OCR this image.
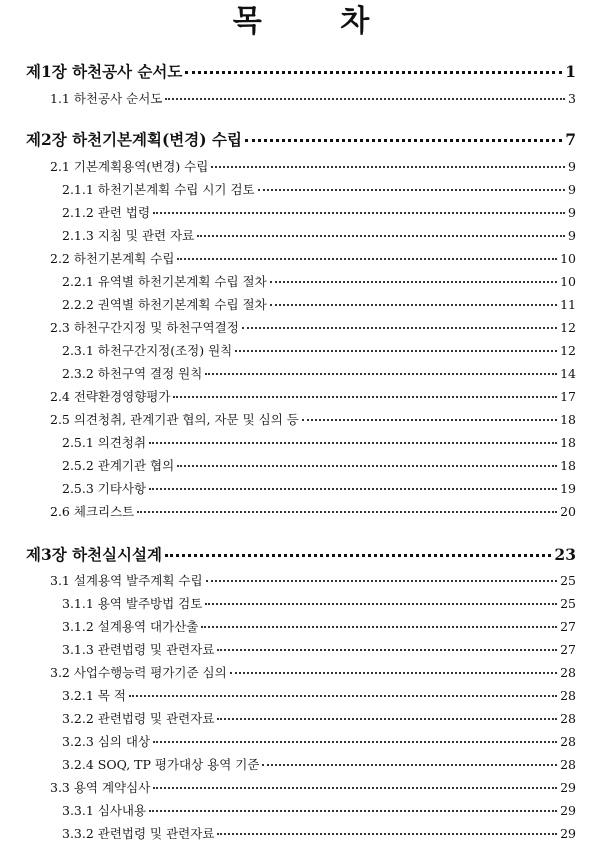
목 차
제1장 하천공사 순서도	1
1.1 하천공사 순서도	3
제2장 하천기본계획(변경) 수립	7
2.1 기본계획용역(변경) 수립	9
2.1.1 하천기본계획 수립 시기 검토	9
2.1.2 관련 법령	9
2.1.3 지침 및 관련 자료	9
2.2 하천기본계획 수립	10
2.2.1 유역별 하천기본계획 수립 절차	10
2.2.2 권역별 하천기본계획 수립 절차	11
2.3 하천구간지정 및 하천구역결정	12
2.3.1 하천구간지정(조정) 원칙	12
2.3.2 하천구역 결정 원칙	14
2.4 전략환경영향평가	17
2.5 의견청취, 관계기관 협의, 자문 및 심의 등	18
2.5.1 의견청취	18
2.5.2 관계기관 협의	18
2.5.3 기타사항	19
2.6 체크리스트	20
제3장 하천실시설계	23
3.1 설계용역 발주계획 수립	25
3.1.1 용역 발주방법 검토	25
3.1.2 설계용역 대가산출	27
3.1.3 관련법령 및 관련자료	27
3.2 사업수행능력 평가기준 심의	28
3.2.1 목 적	28
3.2.2 관련법령 및 관련자료	28
3.2.3 심의 대상	28
3.2.4 SOQ, TP 평가대상 용역 기준	28
3.3 용역 계약심사	29
3.3.1 심사내용	29
3.3.2 관련법령 및 관련자료	29
